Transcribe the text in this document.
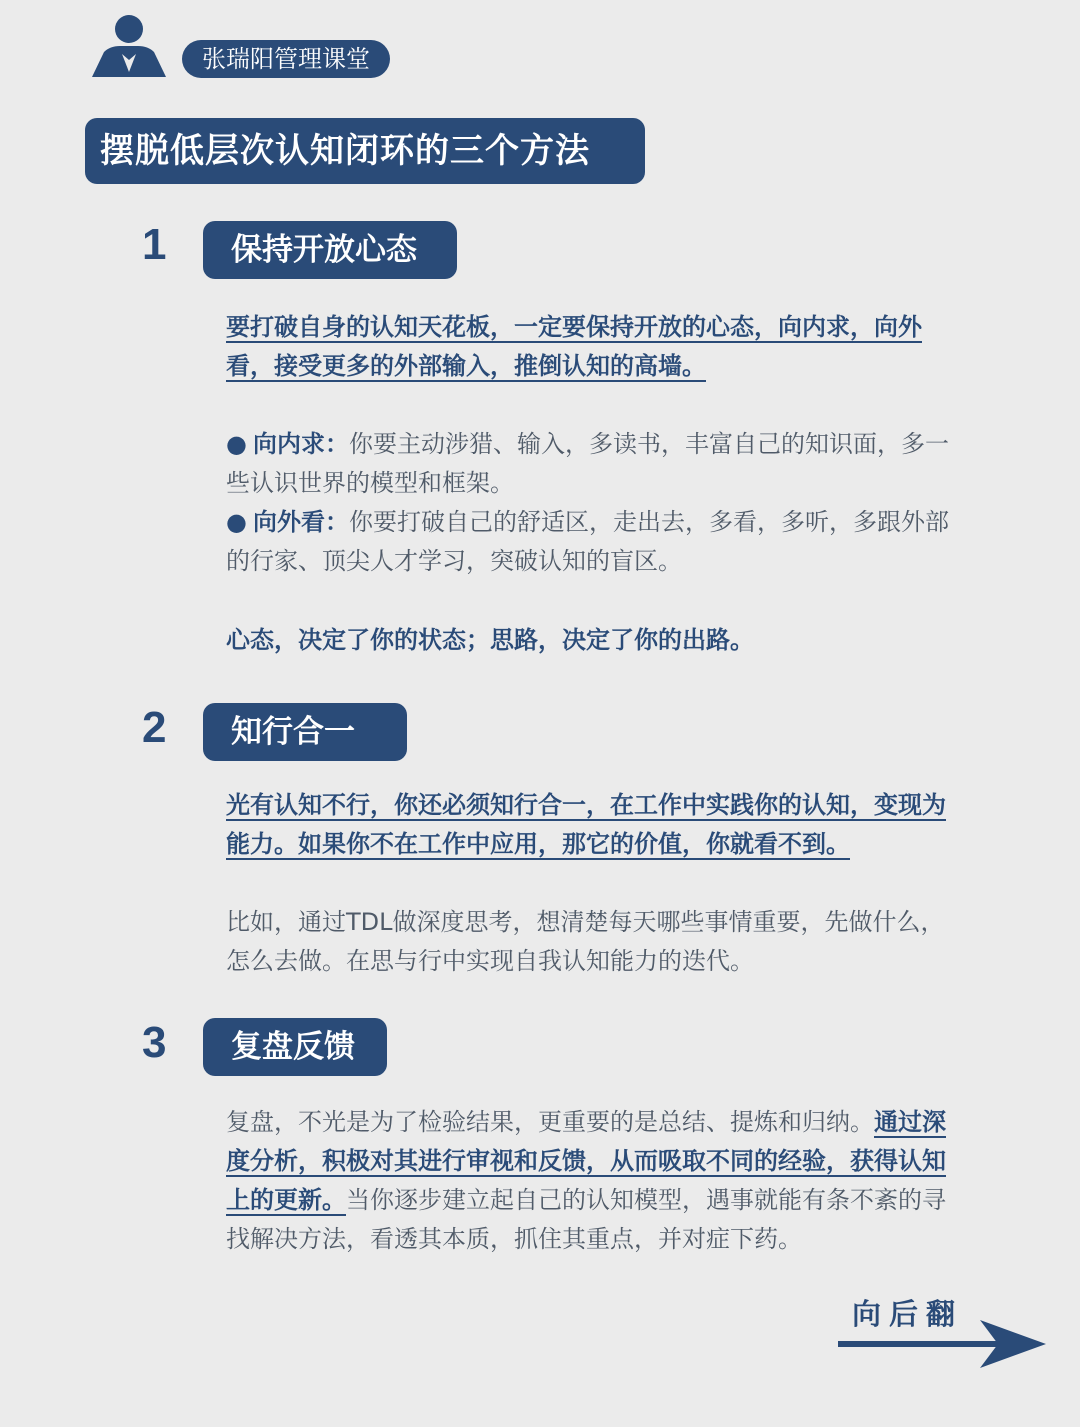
张瑞阳管理课堂
摆脱低层次认知闭环的三个方法
1	保持开放心态

要打破自身的认知天花板，一定要保持开放的心态，向内求，向外看，接受更多的外部输入，推倒认知的高墙。

● 向内求：你要主动涉猎、输入，多读书，丰富自己的知识面，多一些认识世界的模型和框架。
● 向外看：你要打破自己的舒适区，走出去，多看，多听，多跟外部的行家、顶尖人才学习，突破认知的盲区。

心态，决定了你的状态；思路，决定了你的出路。

2	知行合一

光有认知不行，你还必须知行合一，在工作中实践你的认知，变现为能力。如果你不在工作中应用，那它的价值，你就看不到。

比如，通过TDL做深度思考，想清楚每天哪些事情重要，先做什么，怎么去做。在思与行中实现自我认知能力的迭代。

3	复盘反馈

复盘，不光是为了检验结果，更重要的是总结、提炼和归纳。通过深度分析，积极对其进行审视和反馈，从而吸取不同的经验，获得认知上的更新。当你逐步建立起自己的认知模型，遇事就能有条不紊的寻找解决方法，看透其本质，抓住其重点，并对症下药。

向后翻
